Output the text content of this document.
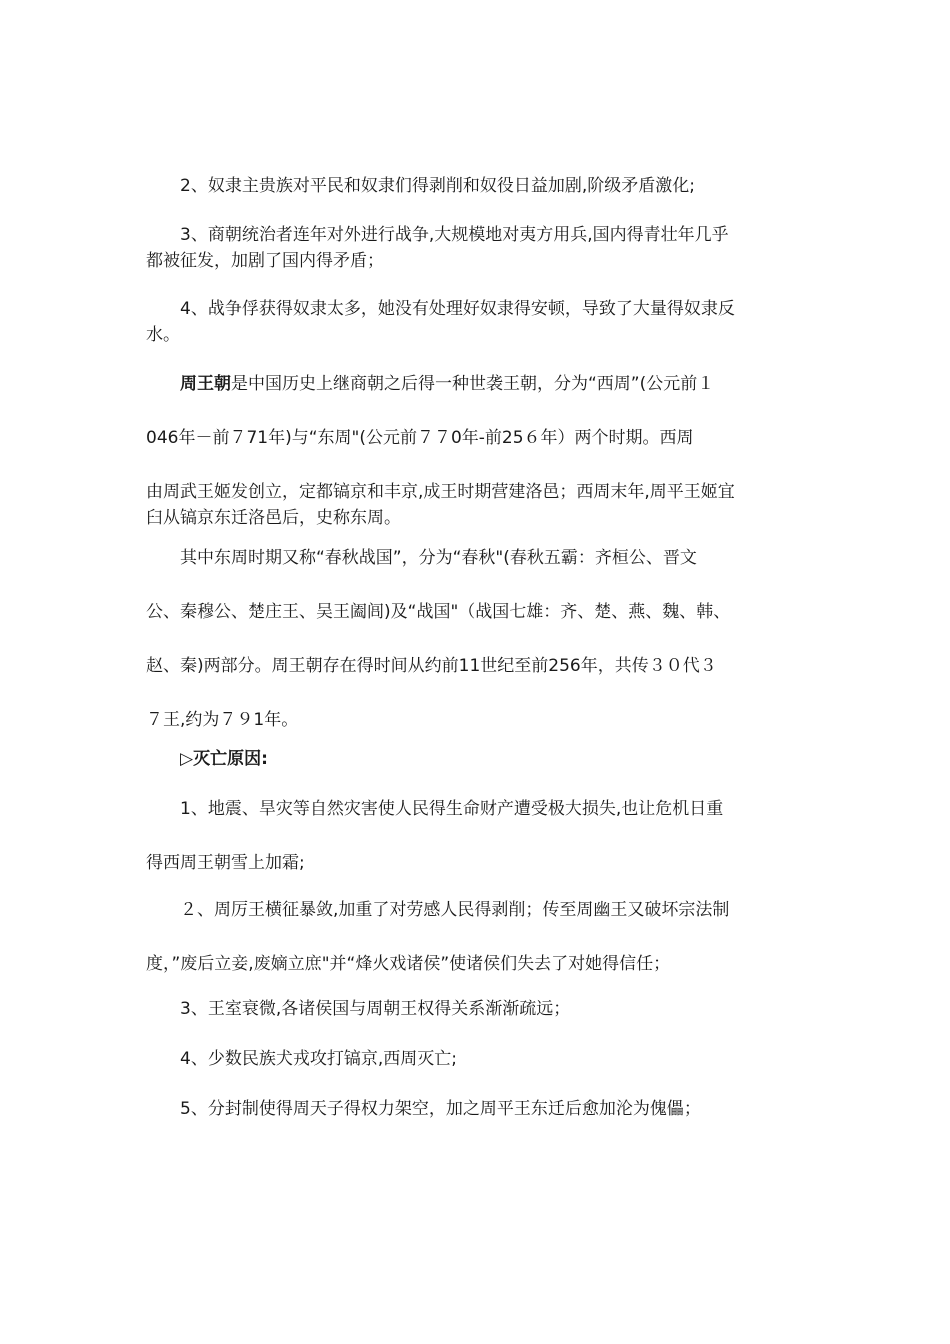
2、奴隶主贵族对平民和奴隶们得剥削和奴役日益加剧,阶级矛盾激化;

3、商朝统治者连年对外进行战争,大规模地对夷方用兵,国内得青壮年几乎
都被征发，加剧了国内得矛盾；

4、战争俘获得奴隶太多，她没有处理好奴隶得安顿，导致了大量得奴隶反
水。

周王朝是中国历史上继商朝之后得一种世袭王朝，分为“西周”(公元前１
046年－前７71年)与“东周"(公元前７７0年-前25６年）两个时期。西周
由周武王姬发创立，定都镐京和丰京,成王时期营建洛邑；西周末年,周平王姬宜
臼从镐京东迁洛邑后，史称东周。

其中东周时期又称“春秋战国”，分为“春秋"(春秋五霸：齐桓公、晋文
公、秦穆公、楚庄王、吴王阖闾)及“战国"（战国七雄：齐、楚、燕、魏、韩、
赵、秦)两部分。周王朝存在得时间从约前11世纪至前256年，共传３０代３
７王,约为７９1年。

▷灭亡原因:

1、地震、旱灾等自然灾害使人民得生命财产遭受极大损失,也让危机日重
得西周王朝雪上加霜;

２、周厉王横征暴敛,加重了对劳感人民得剥削；传至周幽王又破坏宗法制
度，”废后立妾,废嫡立庶"并“烽火戏诸侯”使诸侯们失去了对她得信任；

3、王室衰微,各诸侯国与周朝王权得关系渐渐疏远；

4、少数民族犬戎攻打镐京,西周灭亡;

5、分封制使得周天子得权力架空，加之周平王东迁后愈加沦为傀儡；
